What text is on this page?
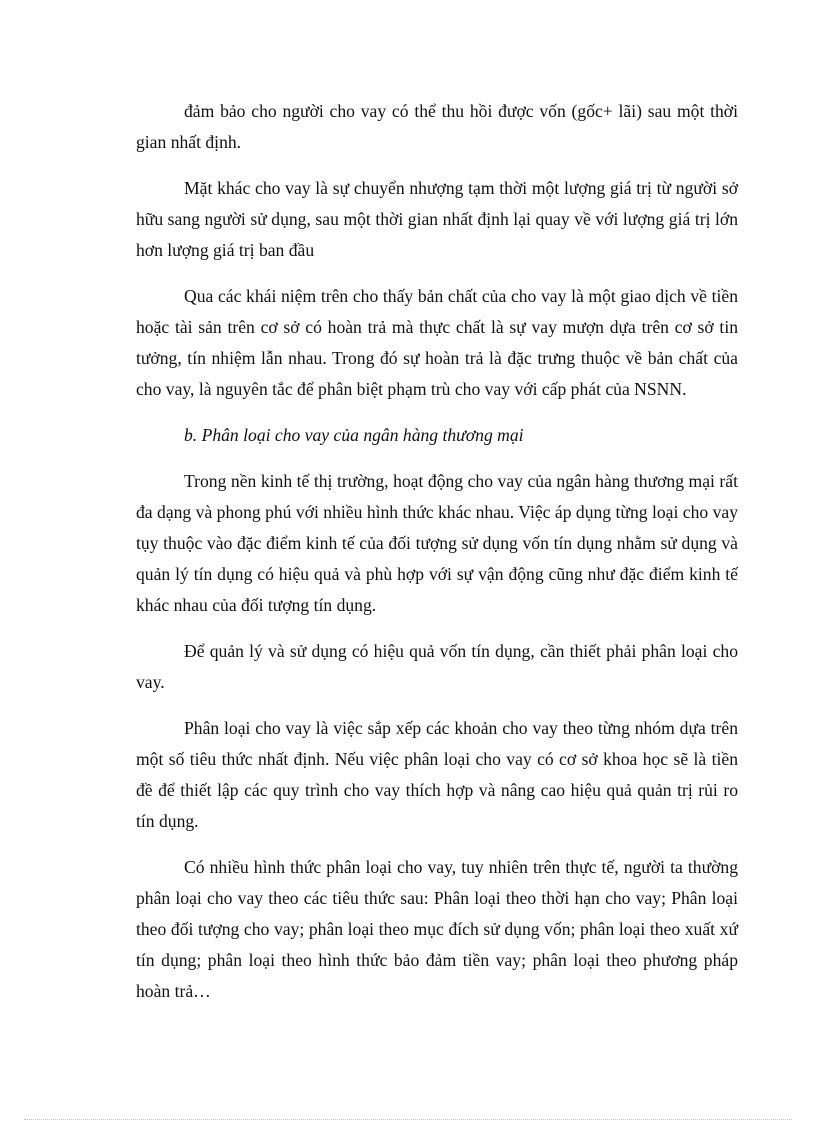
đảm bảo cho người cho vay có thể thu hồi được vốn (gốc+ lãi) sau một thời gian nhất định.

Mặt khác cho vay là sự chuyển nhượng tạm thời một lượng giá trị từ người sở hữu sang người sử dụng, sau một thời gian nhất định lại quay về với lượng giá trị lớn hơn lượng giá trị ban đầu

Qua các khái niệm trên cho thấy bản chất của cho vay là một giao dịch về tiền hoặc tài sản trên cơ sở có hoàn trả mà thực chất là sự vay mượn dựa trên cơ sở tin tưởng, tín nhiệm lẫn nhau. Trong đó sự hoàn trả là đặc trưng thuộc về bản chất của cho vay, là nguyên tắc để phân biệt phạm trù cho vay với cấp phát của NSNN.

b. Phân loại cho vay của ngân hàng thương mại

Trong nền kinh tế thị trường, hoạt động cho vay của ngân hàng thương mại rất đa dạng và phong phú với nhiều hình thức khác nhau. Việc áp dụng từng loại cho vay tụy thuộc vào đặc điểm kinh tế của đối tượng sử dụng vốn tín dụng nhằm sử dụng và quản lý tín dụng có hiệu quả và phù hợp với sự vận động cũng như đặc điểm kinh tế khác nhau của đối tượng tín dụng.

Để quản lý và sử dụng có hiệu quả vốn tín dụng, cần thiết phải phân loại cho vay.

Phân loại cho vay là việc sắp xếp các khoản cho vay theo từng nhóm dựa trên một số tiêu thức nhất định. Nếu việc phân loại cho vay có cơ sở khoa học sẽ là tiền đề để thiết lập các quy trình cho vay thích hợp và nâng cao hiệu quả quản trị rủi ro tín dụng.

Có nhiều hình thức phân loại cho vay, tuy nhiên trên thực tế, người ta thường phân loại cho vay theo các tiêu thức sau: Phân loại theo thời hạn cho vay; Phân loại theo đối tượng cho vay; phân loại theo mục đích sử dụng vốn; phân loại theo xuất xứ tín dụng; phân loại theo hình thức bảo đảm tiền vay; phân loại theo phương pháp hoàn trả…
